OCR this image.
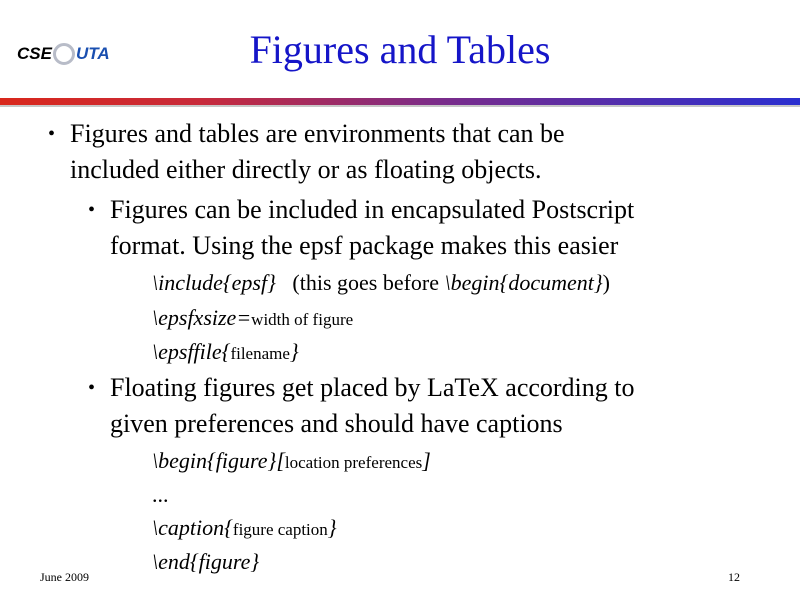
CSE UTA	Figures and Tables
• Figures and tables are environments that can be
included either directly or as floating objects.
• Figures can be included in encapsulated Postscript
format. Using the epsf package makes this easier
\include{epsf} (this goes before \begin{document})
\epsfxsize=width of figure
\epsffile{filename}
• Floating figures get placed by LaTeX according to
given preferences and should have captions
\begin{figure}[location preferences]
...
\caption{figure caption}
\end{figure}
June 2009	12
